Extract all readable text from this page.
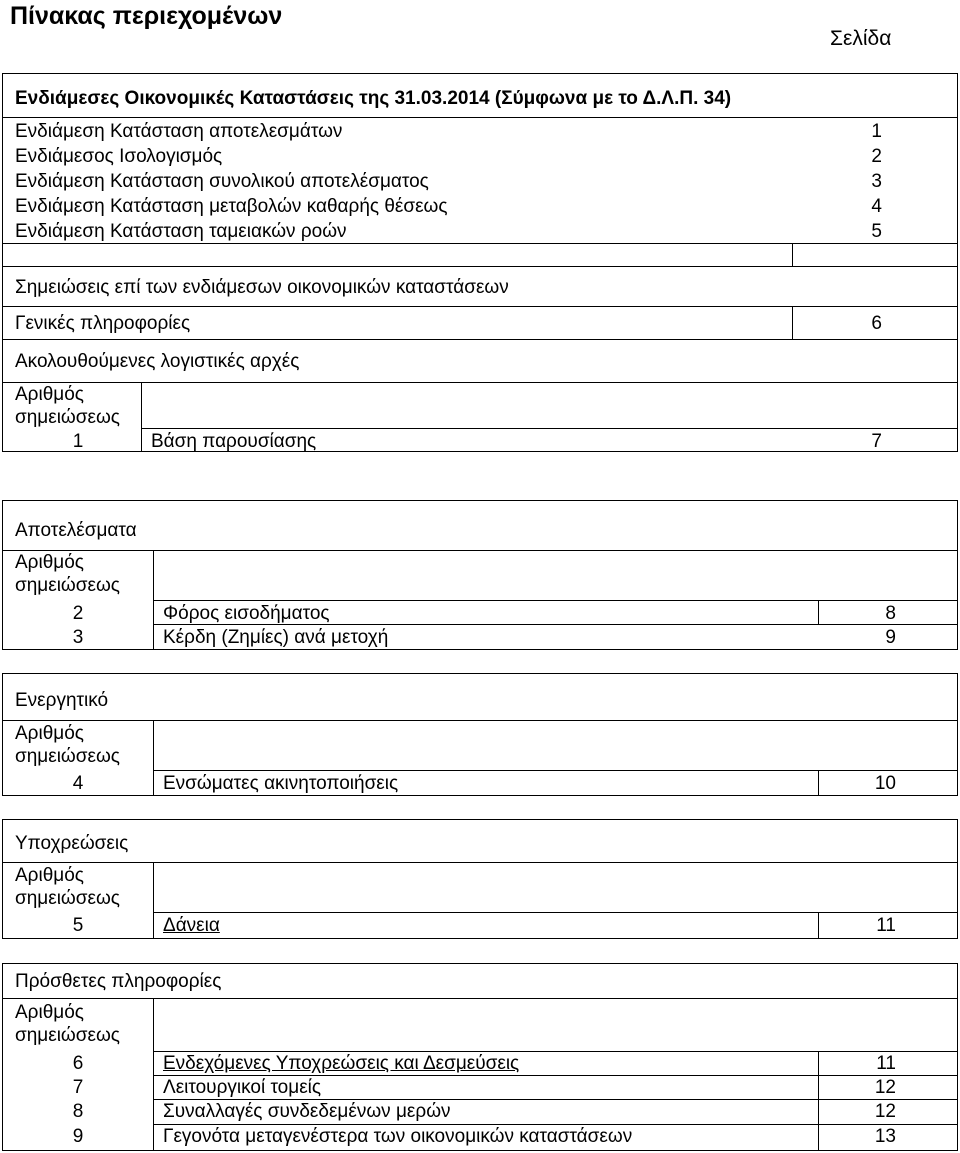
Πίνακας περιεχομένων
Σελίδα
Ενδιάμεσες Οικονομικές Καταστάσεις της 31.03.2014 (Σύμφωνα με το Δ.Λ.Π. 34)
Ενδιάμεση Κατάσταση αποτελεσμάτων	1
Ενδιάμεσος Ισολογισμός	2
Ενδιάμεση Κατάσταση συνολικού αποτελέσματος	3
Ενδιάμεση Κατάσταση μεταβολών καθαρής θέσεως	4
Ενδιάμεση Κατάσταση ταμειακών ροών	5
Σημειώσεις επί των ενδιάμεσων οικονομικών καταστάσεων
Γενικές πληροφορίες	6
Ακολουθούμενες λογιστικές αρχές
Αριθμός
σημειώσεως
1	Βάση παρουσίασης	7
Αποτελέσματα
Αριθμός
σημειώσεως
2	Φόρος εισοδήματος	8
3	Κέρδη (Ζημίες) ανά μετοχή	9
Ενεργητικό
Αριθμός
σημειώσεως
4	Ενσώματες ακινητοποιήσεις	10
Υποχρεώσεις
Αριθμός
σημειώσεως
5	Δάνεια	11
Πρόσθετες πληροφορίες
Αριθμός
σημειώσεως
6	Ενδεχόμενες Υποχρεώσεις και Δεσμεύσεις	11
7	Λειτουργικοί τομείς	12
8	Συναλλαγές συνδεδεμένων μερών	12
9	Γεγονότα μεταγενέστερα των οικονομικών καταστάσεων	13
